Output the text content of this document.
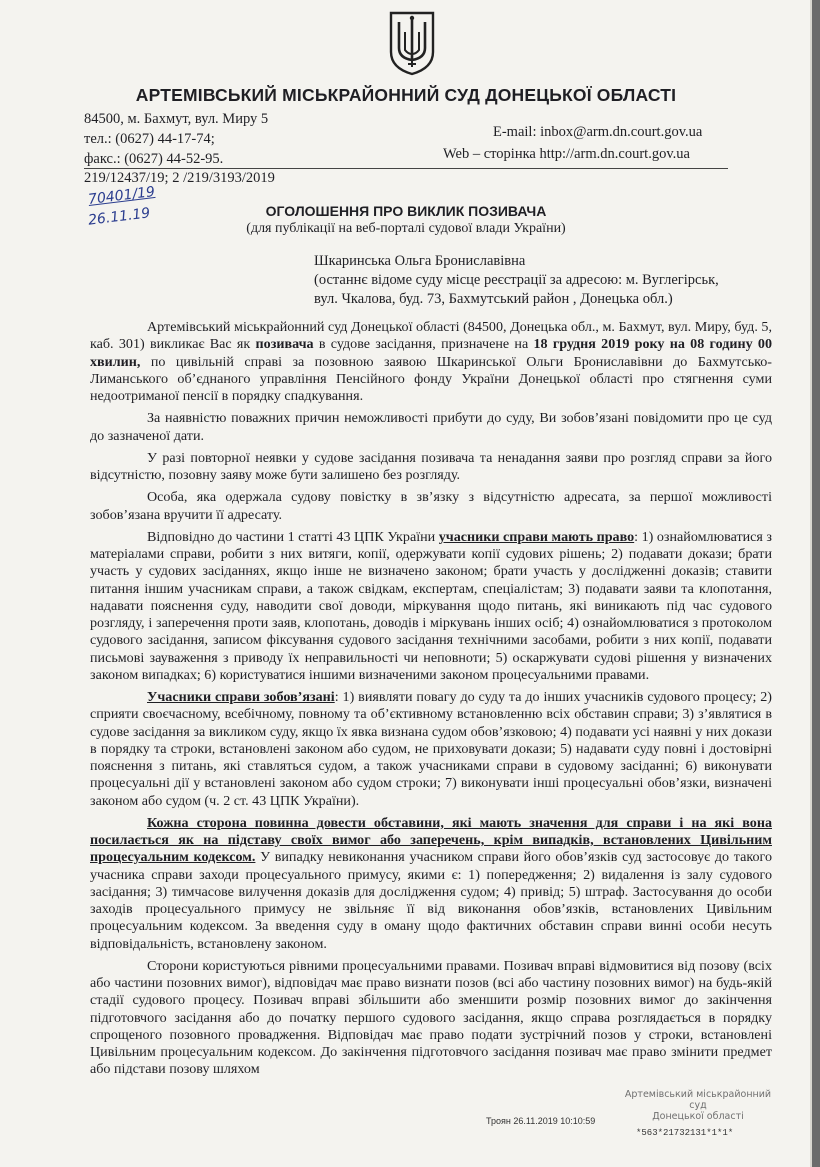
АРТЕМІВСЬКИЙ МІСЬКРАЙОННИЙ СУД ДОНЕЦЬКОЇ ОБЛАСТІ
84500, м. Бахмут, вул. Миру 5
тел.: (0627) 44-17-74;
факс.: (0627) 44-52-95.
E-mail: inbox@arm.dn.court.gov.ua
Web – сторінка http://arm.dn.court.gov.ua
219/12437/19; 2 /219/3193/2019
70401/19
26.11.19	ОГОЛОШЕННЯ ПРО ВИКЛИК ПОЗИВАЧА
(для публікації на веб-порталі судової влади України)
Шкаринська Ольга Брониславівна
(останнє відоме суду місце реєстрації за адресою: м. Вуглегірськ,
вул. Чкалова, буд. 73, Бахмутський район , Донецька обл.)

Артемівський міськрайонний суд Донецької області (84500, Донецька обл., м. Бахмут, вул. Миру, буд. 5, каб. 301) викликає Вас як позивача в судове засідання, призначене на 18 грудня 2019 року на 08 годину 00 хвилин, по цивільній справі за позовною заявою Шкаринської Ольги Брониславівни до Бахмутсько-Лиманського об’єднаного управління Пенсійного фонду України Донецької області про стягнення суми недоотриманої пенсії в порядку спадкування.

За наявністю поважних причин неможливості прибути до суду, Ви зобов’язані повідомити про це суд до зазначеної дати.

У разі повторної неявки у судове засідання позивача та ненадання заяви про розгляд справи за його відсутністю, позовну заяву може бути залишено без розгляду.

Особа, яка одержала судову повістку в зв’язку з відсутністю адресата, за першої можливості зобов’язана вручити її адресату.

Відповідно до частини 1 статті 43 ЦПК України учасники справи мають право: 1) ознайомлюватися з матеріалами справи, робити з них витяги, копії, одержувати копії судових рішень; 2) подавати докази; брати участь у судових засіданнях, якщо інше не визначено законом; брати участь у дослідженні доказів; ставити питання іншим учасникам справи, а також свідкам, експертам, спеціалістам; 3) подавати заяви та клопотання, надавати пояснення суду, наводити свої доводи, міркування щодо питань, які виникають під час судового розгляду, і заперечення проти заяв, клопотань, доводів і міркувань інших осіб; 4) ознайомлюватися з протоколом судового засідання, записом фіксування судового засідання технічними засобами, робити з них копії, подавати письмові зауваження з приводу їх неправильності чи неповноти; 5) оскаржувати судові рішення у визначених законом випадках; 6) користуватися іншими визначеними законом процесуальними правами.

Учасники справи зобов’язані: 1) виявляти повагу до суду та до інших учасників судового процесу; 2) сприяти своєчасному, всебічному, повному та об’єктивному встановленню всіх обставин справи; 3) з’являтися в судове засідання за викликом суду, якщо їх явка визнана судом обов’язковою; 4) подавати усі наявні у них докази в порядку та строки, встановлені законом або судом, не приховувати докази; 5) надавати суду повні і достовірні пояснення з питань, які ставляться судом, а також учасниками справи в судовому засіданні; 6) виконувати процесуальні дії у встановлені законом або судом строки; 7) виконувати інші процесуальні обов’язки, визначені законом або судом (ч. 2 ст. 43 ЦПК України).

Кожна сторона повинна довести обставини, які мають значення для справи і на які вона посилається як на підставу своїх вимог або заперечень, крім випадків, встановлених Цивільним процесуальним кодексом. У випадку невиконання учасником справи його обов’язків суд застосовує до такого учасника справи заходи процесуального примусу, якими є: 1) попередження; 2) видалення із залу судового засідання; 3) тимчасове вилучення доказів для дослідження судом; 4) привід; 5) штраф. Застосування до особи заходів процесуального примусу не звільняє її від виконання обов’язків, встановлених Цивільним процесуальним кодексом. За введення суду в оману щодо фактичних обставин справи винні особи несуть відповідальність, встановлену законом.

Сторони користуються рівними процесуальними правами. Позивач вправі відмовитися від позову (всіх або частини позовних вимог), відповідач має право визнати позов (всі або частину позовних вимог) на будь-якій стадії судового процесу. Позивач вправі збільшити або зменшити розмір позовних вимог до закінчення підготовчого засідання або до початку першого судового засідання, якщо справа розглядається в порядку спрощеного позовного провадження. Відповідач має право подати зустрічний позов у строки, встановлені Цивільним процесуальним кодексом. До закінчення підготовчого засідання позивач має право змінити предмет або підстави позову шляхом

Артемівський міськрайонний суд
Донецької області
Троян 26.11.2019 10:10:59
*563*21732131*1*1*
